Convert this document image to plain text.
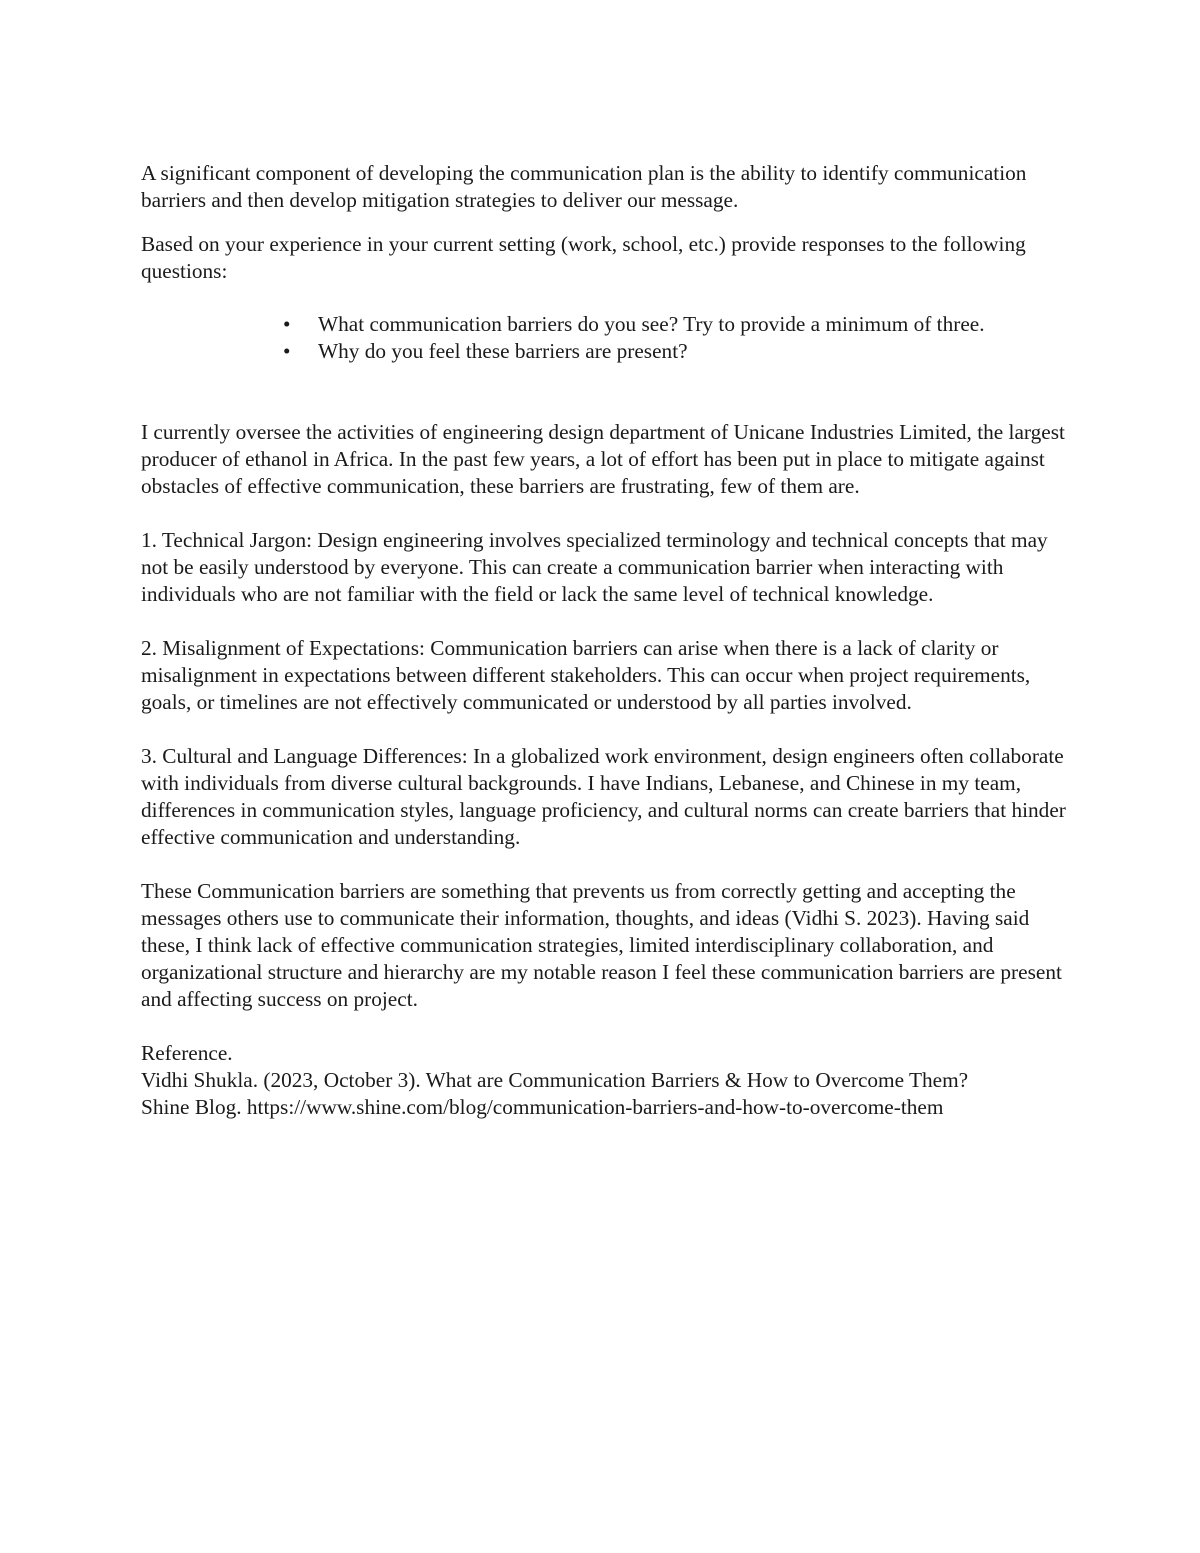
A significant component of developing the communication plan is the ability to identify communication barriers and then develop mitigation strategies to deliver our message.

Based on your experience in your current setting (work, school, etc.) provide responses to the following questions:

• What communication barriers do you see? Try to provide a minimum of three.
• Why do you feel these barriers are present?

I currently oversee the activities of engineering design department of Unicane Industries Limited, the largest producer of ethanol in Africa. In the past few years, a lot of effort has been put in place to mitigate against obstacles of effective communication, these barriers are frustrating, few of them are.

1. Technical Jargon: Design engineering involves specialized terminology and technical concepts that may not be easily understood by everyone. This can create a communication barrier when interacting with individuals who are not familiar with the field or lack the same level of technical knowledge.

2. Misalignment of Expectations: Communication barriers can arise when there is a lack of clarity or misalignment in expectations between different stakeholders. This can occur when project requirements, goals, or timelines are not effectively communicated or understood by all parties involved.

3. Cultural and Language Differences: In a globalized work environment, design engineers often collaborate with individuals from diverse cultural backgrounds. I have Indians, Lebanese, and Chinese in my team, differences in communication styles, language proficiency, and cultural norms can create barriers that hinder effective communication and understanding.

These Communication barriers are something that prevents us from correctly getting and accepting the messages others use to communicate their information, thoughts, and ideas (Vidhi S. 2023). Having said these, I think lack of effective communication strategies, limited interdisciplinary collaboration, and organizational structure and hierarchy are my notable reason I feel these communication barriers are present and affecting success on project.

Reference.

Vidhi Shukla. (2023, October 3). What are Communication Barriers & How to Overcome Them?

Shine Blog. https://www.shine.com/blog/communication-barriers-and-how-to-overcome-them
